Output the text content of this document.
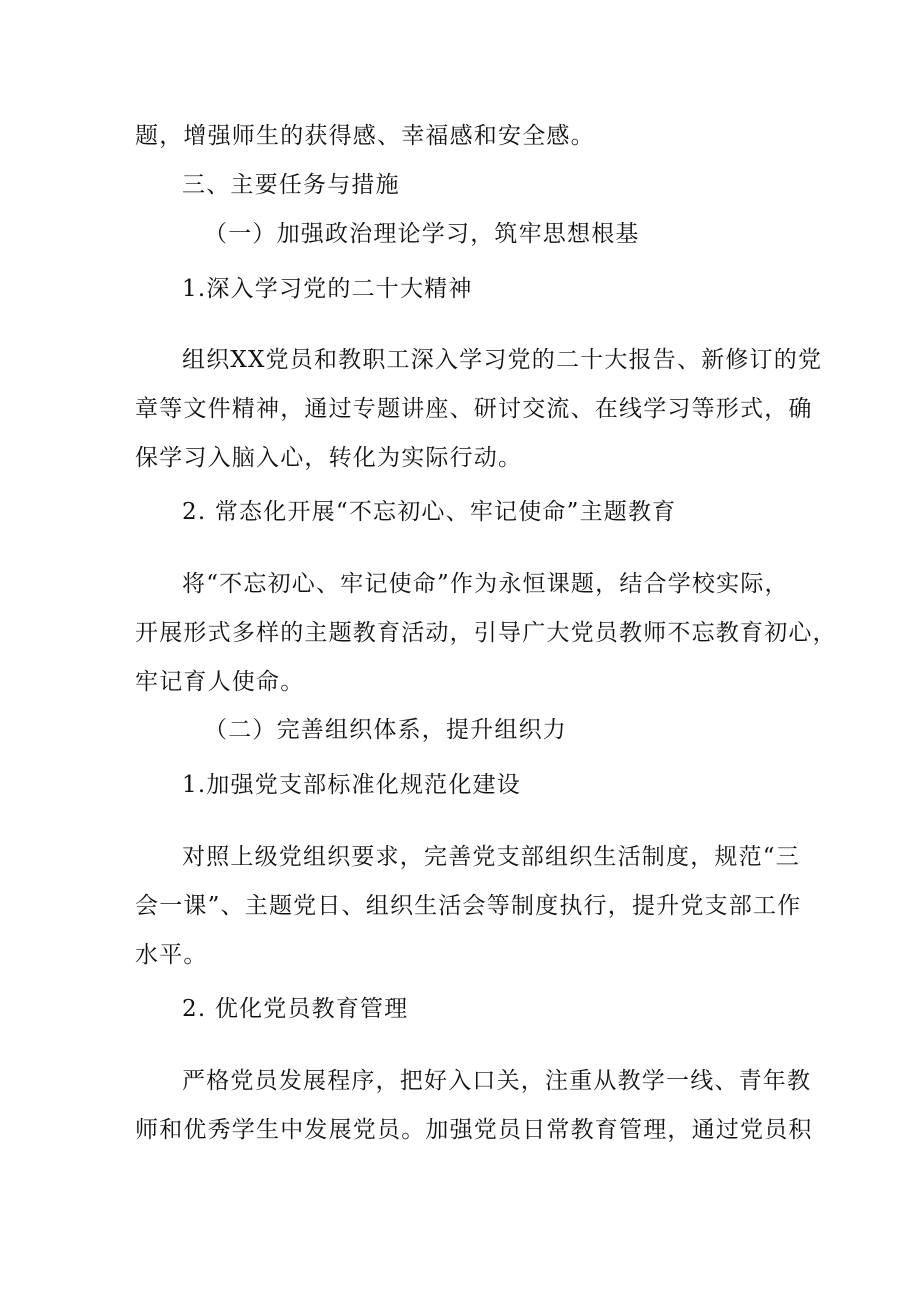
题，增强师生的获得感、幸福感和安全感。
三、主要任务与措施
（一）加强政治理论学习，筑牢思想根基
1.深入学习党的二十大精神
组织XX党员和教职工深入学习党的二十大报告、新修订的党
章等文件精神，通过专题讲座、研讨交流、在线学习等形式，确
保学习入脑入心，转化为实际行动。
2. 常态化开展“不忘初心、牢记使命”主题教育
将“不忘初心、牢记使命”作为永恒课题，结合学校实际，
开展形式多样的主题教育活动，引导广大党员教师不忘教育初心，
牢记育人使命。
（二）完善组织体系，提升组织力
1.加强党支部标准化规范化建设
对照上级党组织要求，完善党支部组织生活制度，规范“三
会一课”、主题党日、组织生活会等制度执行，提升党支部工作
水平。
2. 优化党员教育管理
严格党员发展程序，把好入口关，注重从教学一线、青年教
师和优秀学生中发展党员。加强党员日常教育管理，通过党员积
